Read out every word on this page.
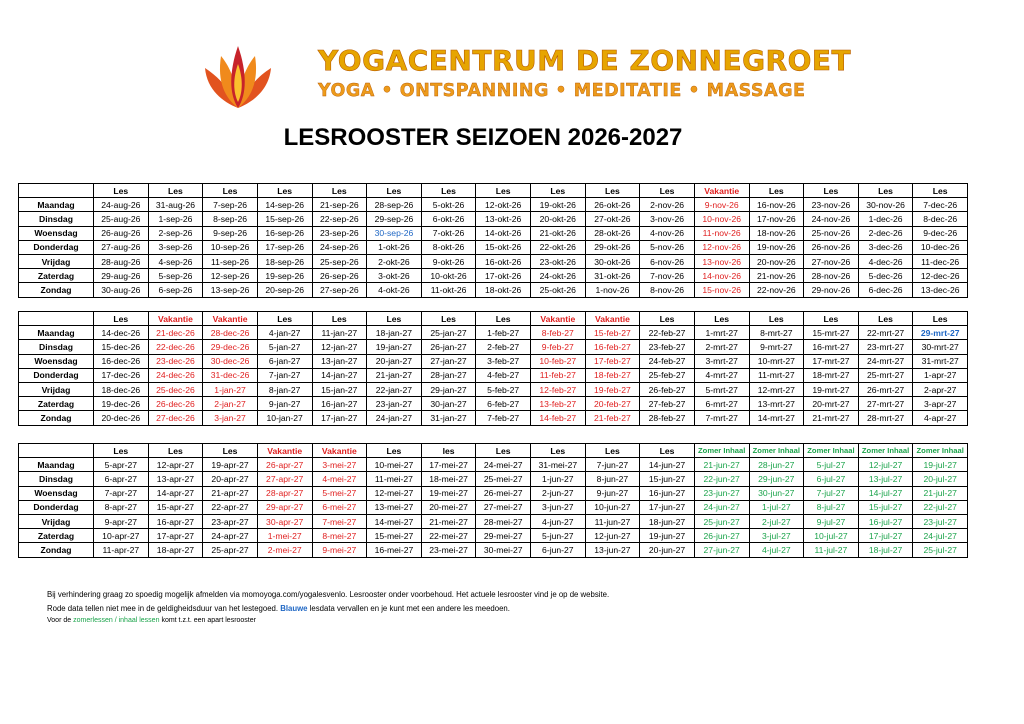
YOGACENTRUM DE ZONNEGROET
YOGA • ONTSPANNING • MEDITATIE • MASSAGE
LESROOSTER SEIZOEN 2026-2027
	Les	Les	Les	Les	Les	Les	Les	Les	Les	Les	Les	Vakantie	Les	Les	Les	Les
Maandag	24-aug-26	31-aug-26	7-sep-26	14-sep-26	21-sep-26	28-sep-26	5-okt-26	12-okt-26	19-okt-26	26-okt-26	2-nov-26	9-nov-26	16-nov-26	23-nov-26	30-nov-26	7-dec-26
Dinsdag	25-aug-26	1-sep-26	8-sep-26	15-sep-26	22-sep-26	29-sep-26	6-okt-26	13-okt-26	20-okt-26	27-okt-26	3-nov-26	10-nov-26	17-nov-26	24-nov-26	1-dec-26	8-dec-26
Woensdag	26-aug-26	2-sep-26	9-sep-26	16-sep-26	23-sep-26	30-sep-26	7-okt-26	14-okt-26	21-okt-26	28-okt-26	4-nov-26	11-nov-26	18-nov-26	25-nov-26	2-dec-26	9-dec-26
Donderdag	27-aug-26	3-sep-26	10-sep-26	17-sep-26	24-sep-26	1-okt-26	8-okt-26	15-okt-26	22-okt-26	29-okt-26	5-nov-26	12-nov-26	19-nov-26	26-nov-26	3-dec-26	10-dec-26
Vrijdag	28-aug-26	4-sep-26	11-sep-26	18-sep-26	25-sep-26	2-okt-26	9-okt-26	16-okt-26	23-okt-26	30-okt-26	6-nov-26	13-nov-26	20-nov-26	27-nov-26	4-dec-26	11-dec-26
Zaterdag	29-aug-26	5-sep-26	12-sep-26	19-sep-26	26-sep-26	3-okt-26	10-okt-26	17-okt-26	24-okt-26	31-okt-26	7-nov-26	14-nov-26	21-nov-26	28-nov-26	5-dec-26	12-dec-26
Zondag	30-aug-26	6-sep-26	13-sep-26	20-sep-26	27-sep-26	4-okt-26	11-okt-26	18-okt-26	25-okt-26	1-nov-26	8-nov-26	15-nov-26	22-nov-26	29-nov-26	6-dec-26	13-dec-26
	Les	Vakantie	Vakantie	Les	Les	Les	Les	Les	Vakantie	Vakantie	Les	Les	Les	Les	Les	Les
Maandag	14-dec-26	21-dec-26	28-dec-26	4-jan-27	11-jan-27	18-jan-27	25-jan-27	1-feb-27	8-feb-27	15-feb-27	22-feb-27	1-mrt-27	8-mrt-27	15-mrt-27	22-mrt-27	29-mrt-27
Dinsdag	15-dec-26	22-dec-26	29-dec-26	5-jan-27	12-jan-27	19-jan-27	26-jan-27	2-feb-27	9-feb-27	16-feb-27	23-feb-27	2-mrt-27	9-mrt-27	16-mrt-27	23-mrt-27	30-mrt-27
Woensdag	16-dec-26	23-dec-26	30-dec-26	6-jan-27	13-jan-27	20-jan-27	27-jan-27	3-feb-27	10-feb-27	17-feb-27	24-feb-27	3-mrt-27	10-mrt-27	17-mrt-27	24-mrt-27	31-mrt-27
Donderdag	17-dec-26	24-dec-26	31-dec-26	7-jan-27	14-jan-27	21-jan-27	28-jan-27	4-feb-27	11-feb-27	18-feb-27	25-feb-27	4-mrt-27	11-mrt-27	18-mrt-27	25-mrt-27	1-apr-27
Vrijdag	18-dec-26	25-dec-26	1-jan-27	8-jan-27	15-jan-27	22-jan-27	29-jan-27	5-feb-27	12-feb-27	19-feb-27	26-feb-27	5-mrt-27	12-mrt-27	19-mrt-27	26-mrt-27	2-apr-27
Zaterdag	19-dec-26	26-dec-26	2-jan-27	9-jan-27	16-jan-27	23-jan-27	30-jan-27	6-feb-27	13-feb-27	20-feb-27	27-feb-27	6-mrt-27	13-mrt-27	20-mrt-27	27-mrt-27	3-apr-27
Zondag	20-dec-26	27-dec-26	3-jan-27	10-jan-27	17-jan-27	24-jan-27	31-jan-27	7-feb-27	14-feb-27	21-feb-27	28-feb-27	7-mrt-27	14-mrt-27	21-mrt-27	28-mrt-27	4-apr-27
	Les	Les	Les	Vakantie	Vakantie	Les	les	Les	Les	Les	Les	Zomer Inhaal	Zomer Inhaal	Zomer Inhaal	Zomer Inhaal	Zomer Inhaal
Maandag	5-apr-27	12-apr-27	19-apr-27	26-apr-27	3-mei-27	10-mei-27	17-mei-27	24-mei-27	31-mei-27	7-jun-27	14-jun-27	21-jun-27	28-jun-27	5-jul-27	12-jul-27	19-jul-27
Dinsdag	6-apr-27	13-apr-27	20-apr-27	27-apr-27	4-mei-27	11-mei-27	18-mei-27	25-mei-27	1-jun-27	8-jun-27	15-jun-27	22-jun-27	29-jun-27	6-jul-27	13-jul-27	20-jul-27
Woensdag	7-apr-27	14-apr-27	21-apr-27	28-apr-27	5-mei-27	12-mei-27	19-mei-27	26-mei-27	2-jun-27	9-jun-27	16-jun-27	23-jun-27	30-jun-27	7-jul-27	14-jul-27	21-jul-27
Donderdag	8-apr-27	15-apr-27	22-apr-27	29-apr-27	6-mei-27	13-mei-27	20-mei-27	27-mei-27	3-jun-27	10-jun-27	17-jun-27	24-jun-27	1-jul-27	8-jul-27	15-jul-27	22-jul-27
Vrijdag	9-apr-27	16-apr-27	23-apr-27	30-apr-27	7-mei-27	14-mei-27	21-mei-27	28-mei-27	4-jun-27	11-jun-27	18-jun-27	25-jun-27	2-jul-27	9-jul-27	16-jul-27	23-jul-27
Zaterdag	10-apr-27	17-apr-27	24-apr-27	1-mei-27	8-mei-27	15-mei-27	22-mei-27	29-mei-27	5-jun-27	12-jun-27	19-jun-27	26-jun-27	3-jul-27	10-jul-27	17-jul-27	24-jul-27
Zondag	11-apr-27	18-apr-27	25-apr-27	2-mei-27	9-mei-27	16-mei-27	23-mei-27	30-mei-27	6-jun-27	13-jun-27	20-jun-27	27-jun-27	4-jul-27	11-jul-27	18-jul-27	25-jul-27
Bij verhindering graag zo spoedig mogelijk afmelden via momoyoga.com/yogalesvenlo. Lesrooster onder voorbehoud. Het actuele lesrooster vind je op de website.
Rode data tellen niet mee in de geldigheidsduur van het lestegoed. Blauwe lesdata vervallen en je kunt met een andere les meedoen.
Voor de zomerlessen / inhaal lessen komt t.z.t. een apart lesrooster
